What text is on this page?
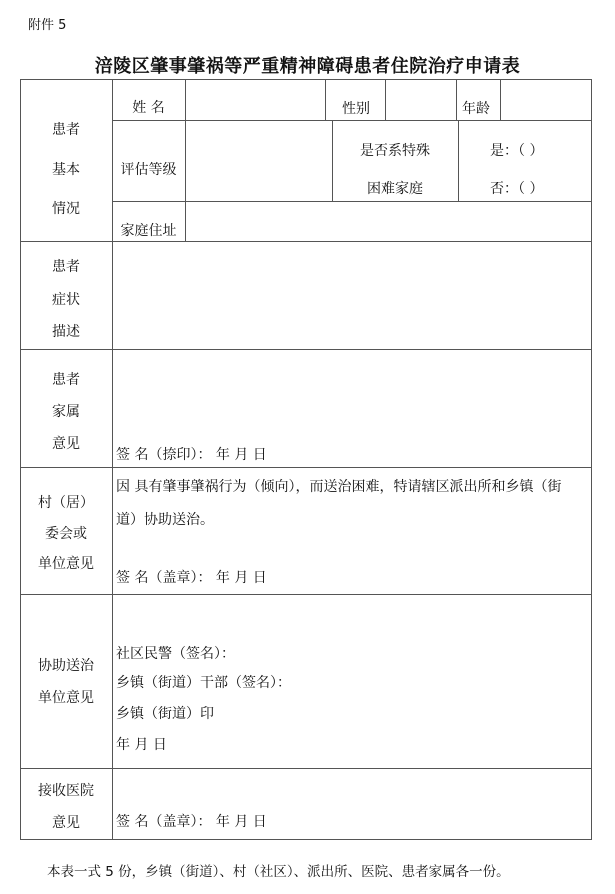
附件 5
涪陵区肇事肇祸等严重精神障碍患者住院治疗申请表
患者
基本
情况
患者
症状
描述
患者
家属
意见
村（居）
委会或
单位意见
协助送治
单位意见
接收医院
意见
姓 名	性别	年龄
评估等级
是否系特殊
困难家庭
是：（ ）
否：（ ）
家庭住址
签 名（捺印）： 年 月 日
因 具有肇事肇祸行为（倾向），而送治困难，特请辖区派出所和乡镇（街
道）协助送治。
签 名（盖章）： 年 月 日
社区民警（签名）：
乡镇（街道）干部（签名）：
乡镇（街道）印
年 月 日
签 名（盖章）： 年 月 日
本表一式 5 份，乡镇（街道）、村（社区）、派出所、医院、患者家属各一份。
